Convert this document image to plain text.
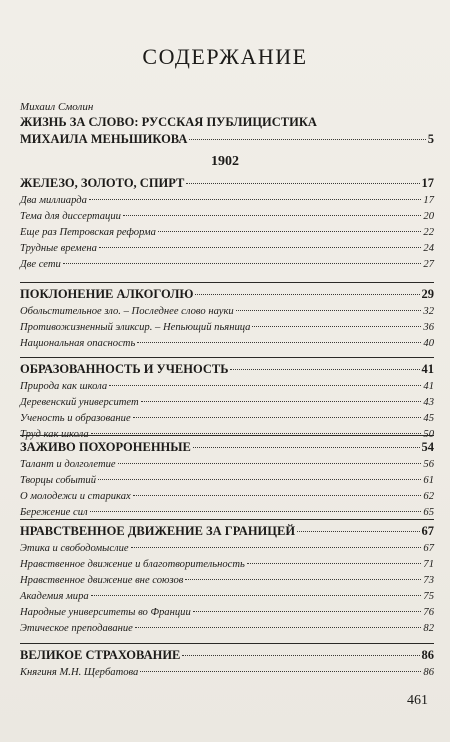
СОДЕРЖАНИЕ
Михаил Смолин
ЖИЗНЬ ЗА СЛОВО: РУССКАЯ ПУБЛИЦИСТИКА
МИХАИЛА МЕНЬШИКОВА	5
1902
ЖЕЛЕЗО, ЗОЛОТО, СПИРТ	17
Два миллиарда	17
Тема для диссертации	20
Еще раз Петровская реформа	22
Трудные времена	24
Две сети	27
ПОКЛОНЕНИЕ АЛКОГОЛЮ	29
Обольстительное зло. – Последнее слово науки	32
Противожизненный эликсир. – Непьющий пьяница	36
Национальная опасность	40
ОБРАЗОВАННОСТЬ И УЧЕНОСТЬ	41
Природа как школа	41
Деревенский университет	43
Ученость и образование	45
Труд как школа	50
ЗАЖИВО ПОХОРОНЕННЫЕ	54
Талант и долголетие	56
Творцы событий	61
О молодежи и стариках	62
Бережение сил	65
НРАВСТВЕННОЕ ДВИЖЕНИЕ ЗА ГРАНИЦЕЙ	67
Этика и свободомыслие	67
Нравственное движение и благотворительность	71
Нравственное движение вне союзов	73
Академия мира	75
Народные университеты во Франции	76
Этическое преподавание	82
ВЕЛИКОЕ СТРАХОВАНИЕ	86
Княгиня М.Н. Щербатова	86
461
